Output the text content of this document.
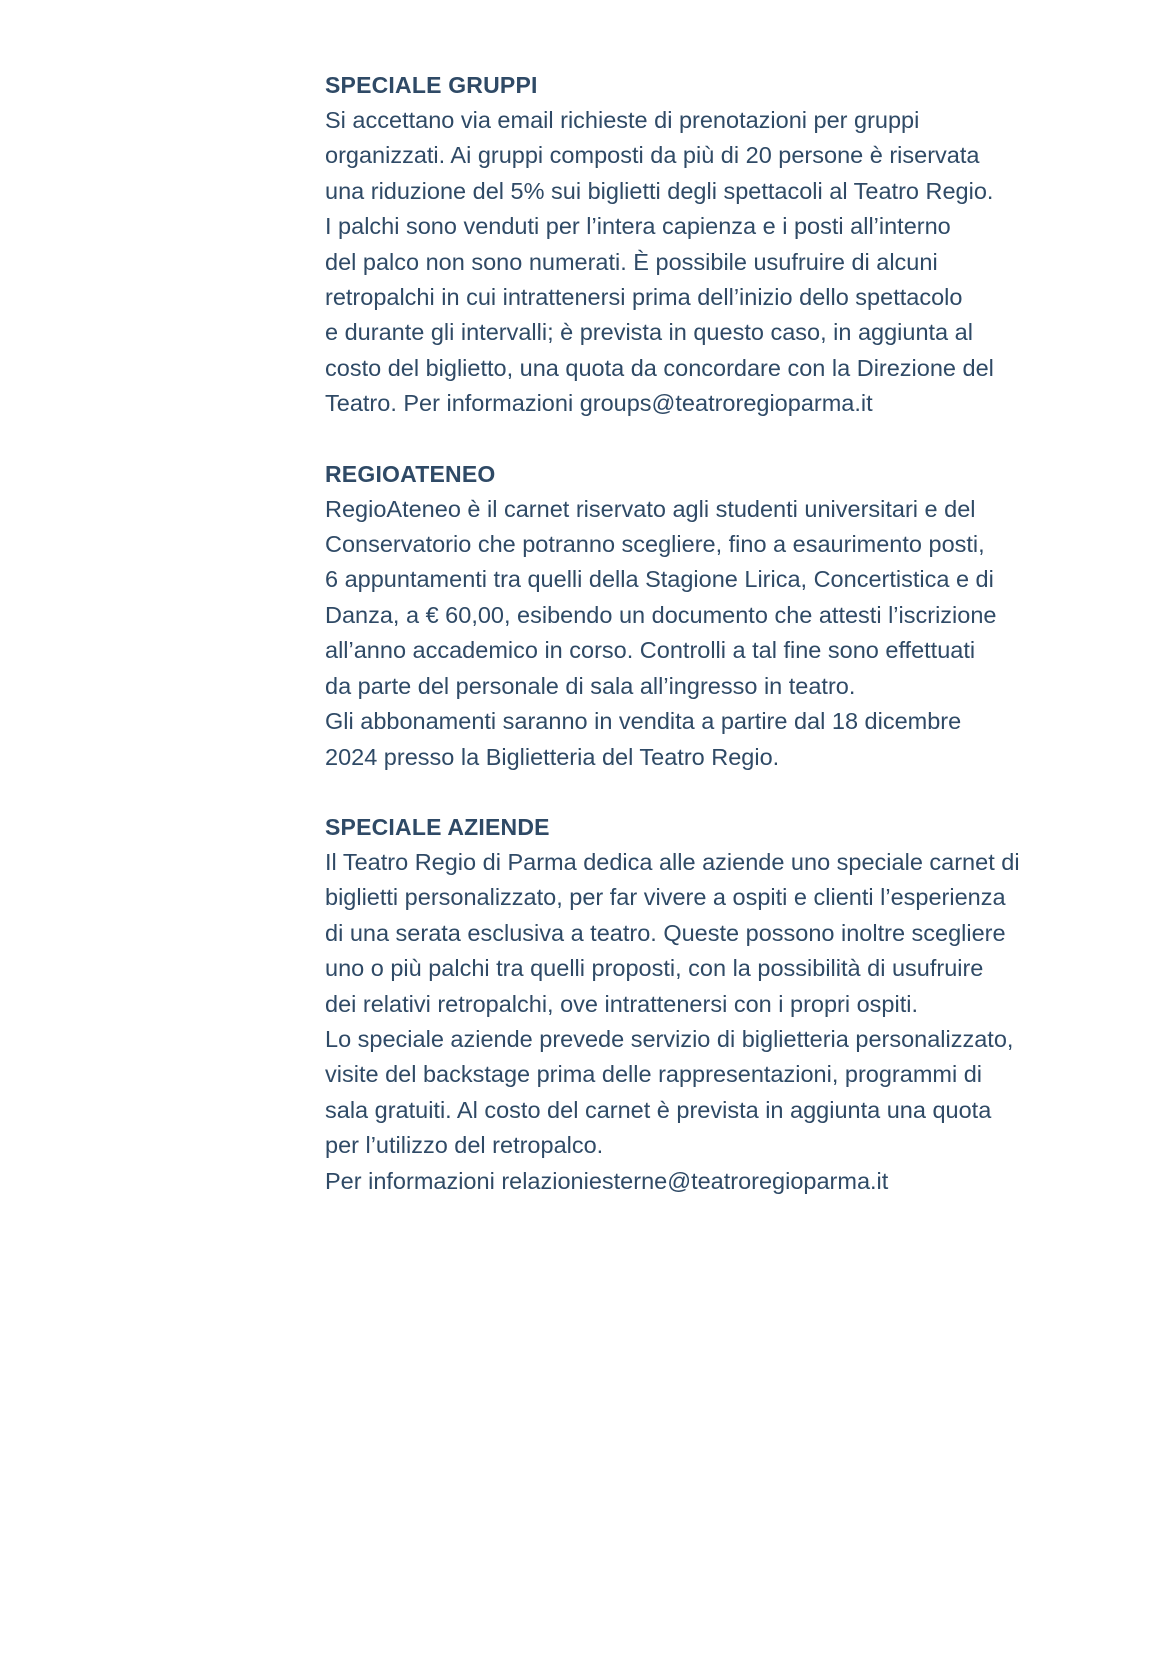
SPECIALE GRUPPI
Si accettano via email richieste di prenotazioni per gruppi
organizzati. Ai gruppi composti da più di 20 persone è riservata
una riduzione del 5% sui biglietti degli spettacoli al Teatro Regio.
I palchi sono venduti per l’intera capienza e i posti all’interno
del palco non sono numerati. È possibile usufruire di alcuni
retropalchi in cui intrattenersi prima dell’inizio dello spettacolo
e durante gli intervalli; è prevista in questo caso, in aggiunta al
costo del biglietto, una quota da concordare con la Direzione del
Teatro. Per informazioni groups@teatroregioparma.it
REGIOATENEO
RegioAteneo è il carnet riservato agli studenti universitari e del
Conservatorio che potranno scegliere, fino a esaurimento posti,
6 appuntamenti tra quelli della Stagione Lirica, Concertistica e di
Danza, a € 60,00, esibendo un documento che attesti l’iscrizione
all’anno accademico in corso. Controlli a tal fine sono effettuati
da parte del personale di sala all’ingresso in teatro.
Gli abbonamenti saranno in vendita a partire dal 18 dicembre
2024 presso la Biglietteria del Teatro Regio.
SPECIALE AZIENDE
Il Teatro Regio di Parma dedica alle aziende uno speciale carnet di
biglietti personalizzato, per far vivere a ospiti e clienti l’esperienza
di una serata esclusiva a teatro. Queste possono inoltre scegliere
uno o più palchi tra quelli proposti, con la possibilità di usufruire
dei relativi retropalchi, ove intrattenersi con i propri ospiti.
Lo speciale aziende prevede servizio di biglietteria personalizzato,
visite del backstage prima delle rappresentazioni, programmi di
sala gratuiti. Al costo del carnet è prevista in aggiunta una quota
per l’utilizzo del retropalco.
Per informazioni relazioniesterne@teatroregioparma.it
